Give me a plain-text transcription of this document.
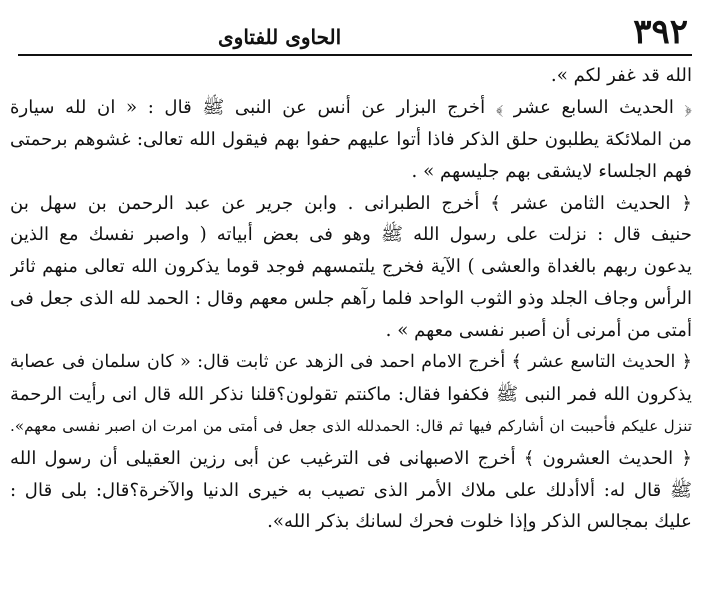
٣٩٢
الحاوى للفتاوى
الله قد غفر لكم ».
﴿ الحديث السابع عشر ﴾ أخرج البزار عن أنس عن النبى ﷺ قال : « ان لله سيارة
من الملائكة يطلبون حلق الذكر فاذا أتوا عليهم حفوا بهم فيقول الله تعالى: غشوهم برحمتى
فهم الجلساء لايشقى بهم جليسهم » .
﴿ الحديث الثامن عشر ﴾ أخرج الطبرانى . وابن جرير عن عبد الرحمن بن سهل بن
حنيف قال : نزلت على رسول الله ﷺ وهو فى بعض أبياته ( واصبر نفسك مع الذين
يدعون ربهم بالغداة والعشى ) الآية فخرج يلتمسهم فوجد قوما يذكرون الله تعالى منهم ثائر
الرأس وجاف الجلد وذو الثوب الواحد فلما رآهم جلس معهم وقال : الحمد لله الذى جعل فى
أمتى من أمرنى أن أصبر نفسى معهم » .
﴿ الحديث التاسع عشر ﴾ أخرج الامام احمد فى الزهد عن ثابت قال: « كان سلمان فى عصابة
يذكرون الله فمر النبى ﷺ فكفوا فقال: ماكنتم تقولون؟قلنا نذكر الله قال انى رأيت الرحمة
تنزل عليكم فأحببت ان أشاركم فيها ثم قال: الحمدلله الذى جعل فى أمتى من امرت ان اصبر نفسى معهم».
﴿ الحديث العشرون ﴾ أخرج الاصبهانى فى الترغيب عن أبى رزين العقيلى أن رسول الله
ﷺ قال له: ألاأدلك على ملاك الأمر الذى تصيب به خيرى الدنيا والآخرة؟قال: بلى قال :
عليك بمجالس الذكر وإذا خلوت فحرك لسانك بذكر الله».
